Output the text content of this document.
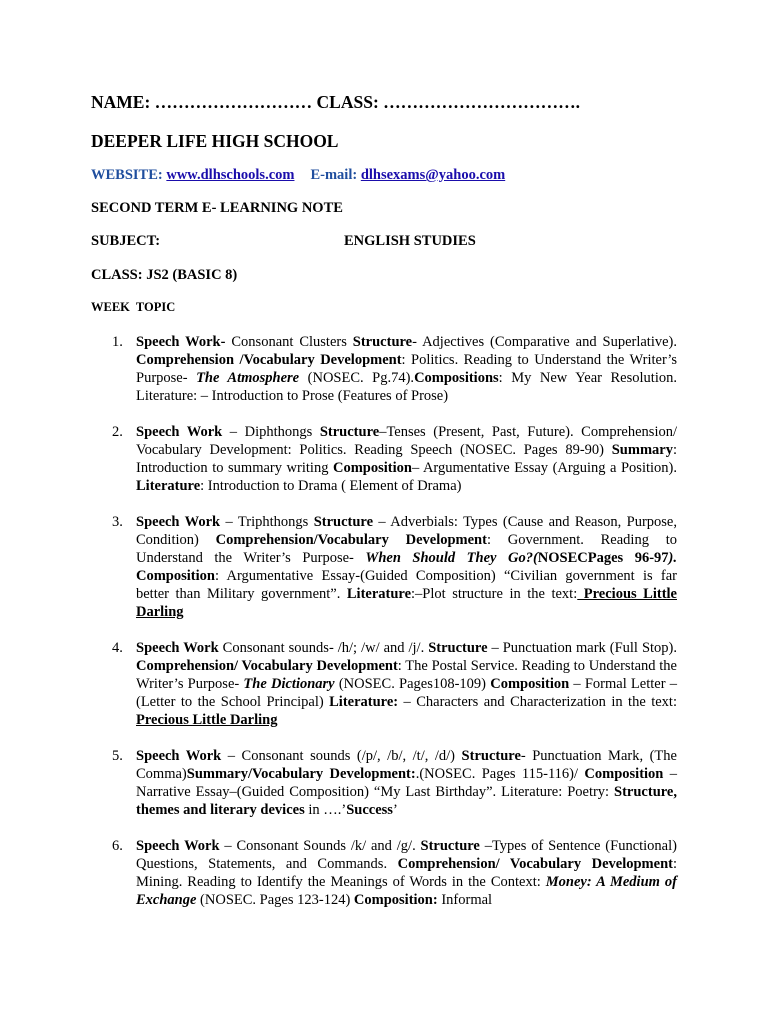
NAME: ……………………… CLASS: …………………………….
DEEPER LIFE HIGH SCHOOL
WEBSITE: www.dlhschools.com E-mail: dlhsexams@yahoo.com
SECOND TERM E- LEARNING NOTE
SUBJECT:	ENGLISH STUDIES
CLASS: JS2 (BASIC 8)
WEEK TOPIC
1. Speech Work- Consonant Clusters Structure- Adjectives (Comparative and Superlative). Comprehension /Vocabulary Development: Politics. Reading to Understand the Writer’s Purpose- The Atmosphere (NOSEC. Pg.74).Compositions: My New Year Resolution. Literature: – Introduction to Prose (Features of Prose)
2. Speech Work – Diphthongs Structure–Tenses (Present, Past, Future). Comprehension/ Vocabulary Development: Politics. Reading Speech (NOSEC. Pages 89-90) Summary: Introduction to summary writing Composition– Argumentative Essay (Arguing a Position). Literature: Introduction to Drama ( Element of Drama)
3. Speech Work – Triphthongs Structure – Adverbials: Types (Cause and Reason, Purpose, Condition) Comprehension/Vocabulary Development: Government. Reading to Understand the Writer’s Purpose- When Should They Go?(NOSECPages 96-97). Composition: Argumentative Essay-(Guided Composition) “Civilian government is far better than Military government”. Literature:–Plot structure in the text: Precious Little Darling
4. Speech Work Consonant sounds- /h/; /w/ and /j/. Structure – Punctuation mark (Full Stop). Comprehension/ Vocabulary Development: The Postal Service. Reading to Understand the Writer’s Purpose- The Dictionary (NOSEC. Pages108-109) Composition – Formal Letter – (Letter to the School Principal) Literature: – Characters and Characterization in the text: Precious Little Darling
5. Speech Work – Consonant sounds (/p/, /b/, /t/, /d/) Structure- Punctuation Mark, (The Comma)Summary/Vocabulary Development:.(NOSEC. Pages 115-116)/ Composition – Narrative Essay–(Guided Composition) “My Last Birthday”. Literature: Poetry: Structure, themes and literary devices in ….’Success’
6. Speech Work – Consonant Sounds /k/ and /g/. Structure –Types of Sentence (Functional) Questions, Statements, and Commands. Comprehension/ Vocabulary Development: Mining. Reading to Identify the Meanings of Words in the Context: Money: A Medium of Exchange (NOSEC. Pages 123-124) Composition: Informal
